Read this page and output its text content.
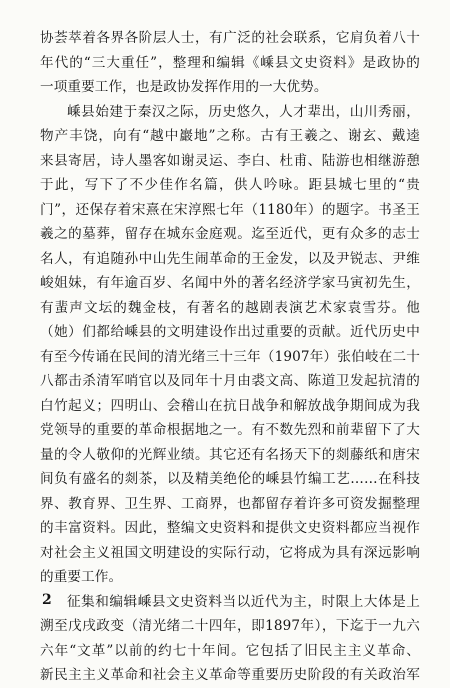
协荟萃着各界各阶层人士，有广泛的社会联系，它肩负着八十
年代的“三大重任”，整理和编辑《嵊县文史资料》是政协的
一项重要工作，也是政协发挥作用的一大优势。
嵊县始建于秦汉之际，历史悠久，人才辈出，山川秀丽，
物产丰饶，向有“越中巖地”之称。古有王羲之、谢玄、戴逵
来县寄居，诗人墨客如谢灵运、李白、杜甫、陆游也相继游憩
于此，写下了不少佳作名篇，供人吟咏。距县城七里的“贵
门”，还保存着宋熹在宋淳熙七年（1180年）的题字。书圣王
羲之的墓葬，留存在城东金庭观。迄至近代，更有众多的志士
名人，有追随孙中山先生闹革命的王金发，以及尹锐志、尹维
峻姐妹，有年逾百岁、名闻中外的著名经济学家马寅初先生，
有蜚声文坛的魏金枝，有著名的越剧表演艺术家袁雪芬。他
（她）们都给嵊县的文明建设作出过重要的贡献。近代历史中
有至今传诵在民间的清光绪三十三年（1907年）张伯岐在二十
八都击杀清军哨官以及同年十月由裘文高、陈道卫发起抗清的
白竹起义；四明山、会稽山在抗日战争和解放战争期间成为我
党领导的重要的革命根据地之一。有不数先烈和前辈留下了大
量的令人敬仰的光辉业绩。其它还有名扬天下的剡藤纸和唐宋
间负有盛名的剡茶，以及精美绝伦的嵊县竹编工艺……在科技
界、教育界、卫生界、工商界，也都留存着许多可资发掘整理
的丰富资料。因此，整编文史资料和提供文史资料都应当视作
对社会主义祖国文明建设的实际行动，它将成为具有深远影响
的重要工作。
征集和编辑嵊县文史资料当以近代为主，时限上大体是上
溯至戊戌政变（清光绪二十四年，即1897年），下迄于一九六
六年“文革”以前的约七十年间。它包括了旧民主主义革命、
新民主主义革命和社会主义革命等重要历史阶段的有关政治军
2
